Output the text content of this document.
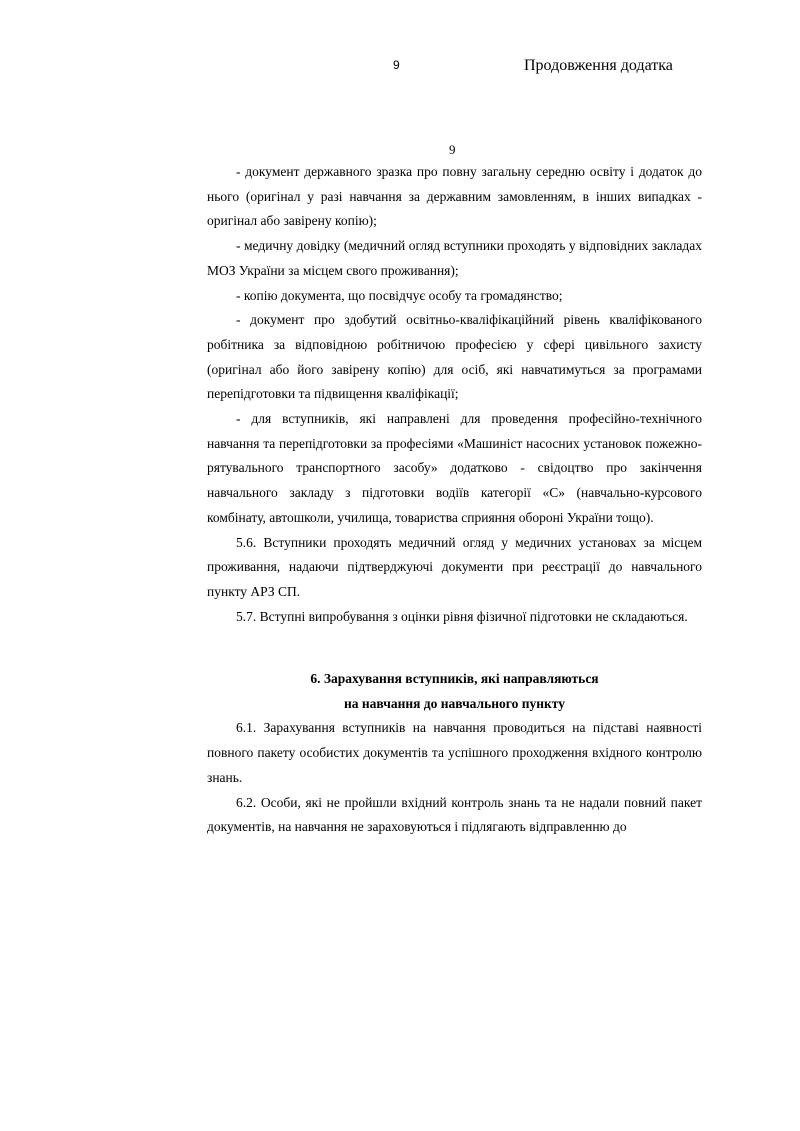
9	Продовження додатка
9

- документ державного зразка про повну загальну середню освіту і додаток до нього (оригінал у разі навчання за державним замовленням, в інших випадках - оригінал або завірену копію);

- медичну довідку (медичний огляд вступники проходять у відповідних закладах МОЗ України за місцем свого проживання);

- копію документа, що посвідчує особу та громадянство;

- документ про здобутий освітньо-кваліфікаційний рівень кваліфікованого робітника за відповідною робітничою професією у сфері цивільного захисту (оригінал або його завірену копію) для осіб, які навчатимуться за програмами перепідготовки та підвищення кваліфікації;

- для вступників, які направлені для проведення професійно-технічного навчання та перепідготовки за професіями «Машиніст насосних установок пожежно-рятувального транспортного засобу» додатково - свідоцтво про закінчення навчального закладу з підготовки водіїв категорії «С» (навчально-курсового комбінату, автошколи, училища, товариства сприяння обороні України тощо).

5.6. Вступники проходять медичний огляд у медичних установах за місцем проживання, надаючи підтверджуючі документи при реєстрації до навчального пункту АРЗ СП.

5.7. Вступні випробування з оцінки рівня фізичної підготовки не складаються.

6. Зарахування вступників, які направляються
на навчання до навчального пункту

6.1. Зарахування вступників на навчання проводиться на підставі наявності повного пакету особистих документів та успішного проходження вхідного контролю знань.

6.2. Особи, які не пройшли вхідний контроль знань та не надали повний пакет документів, на навчання не зараховуються і підлягають відправленню до
